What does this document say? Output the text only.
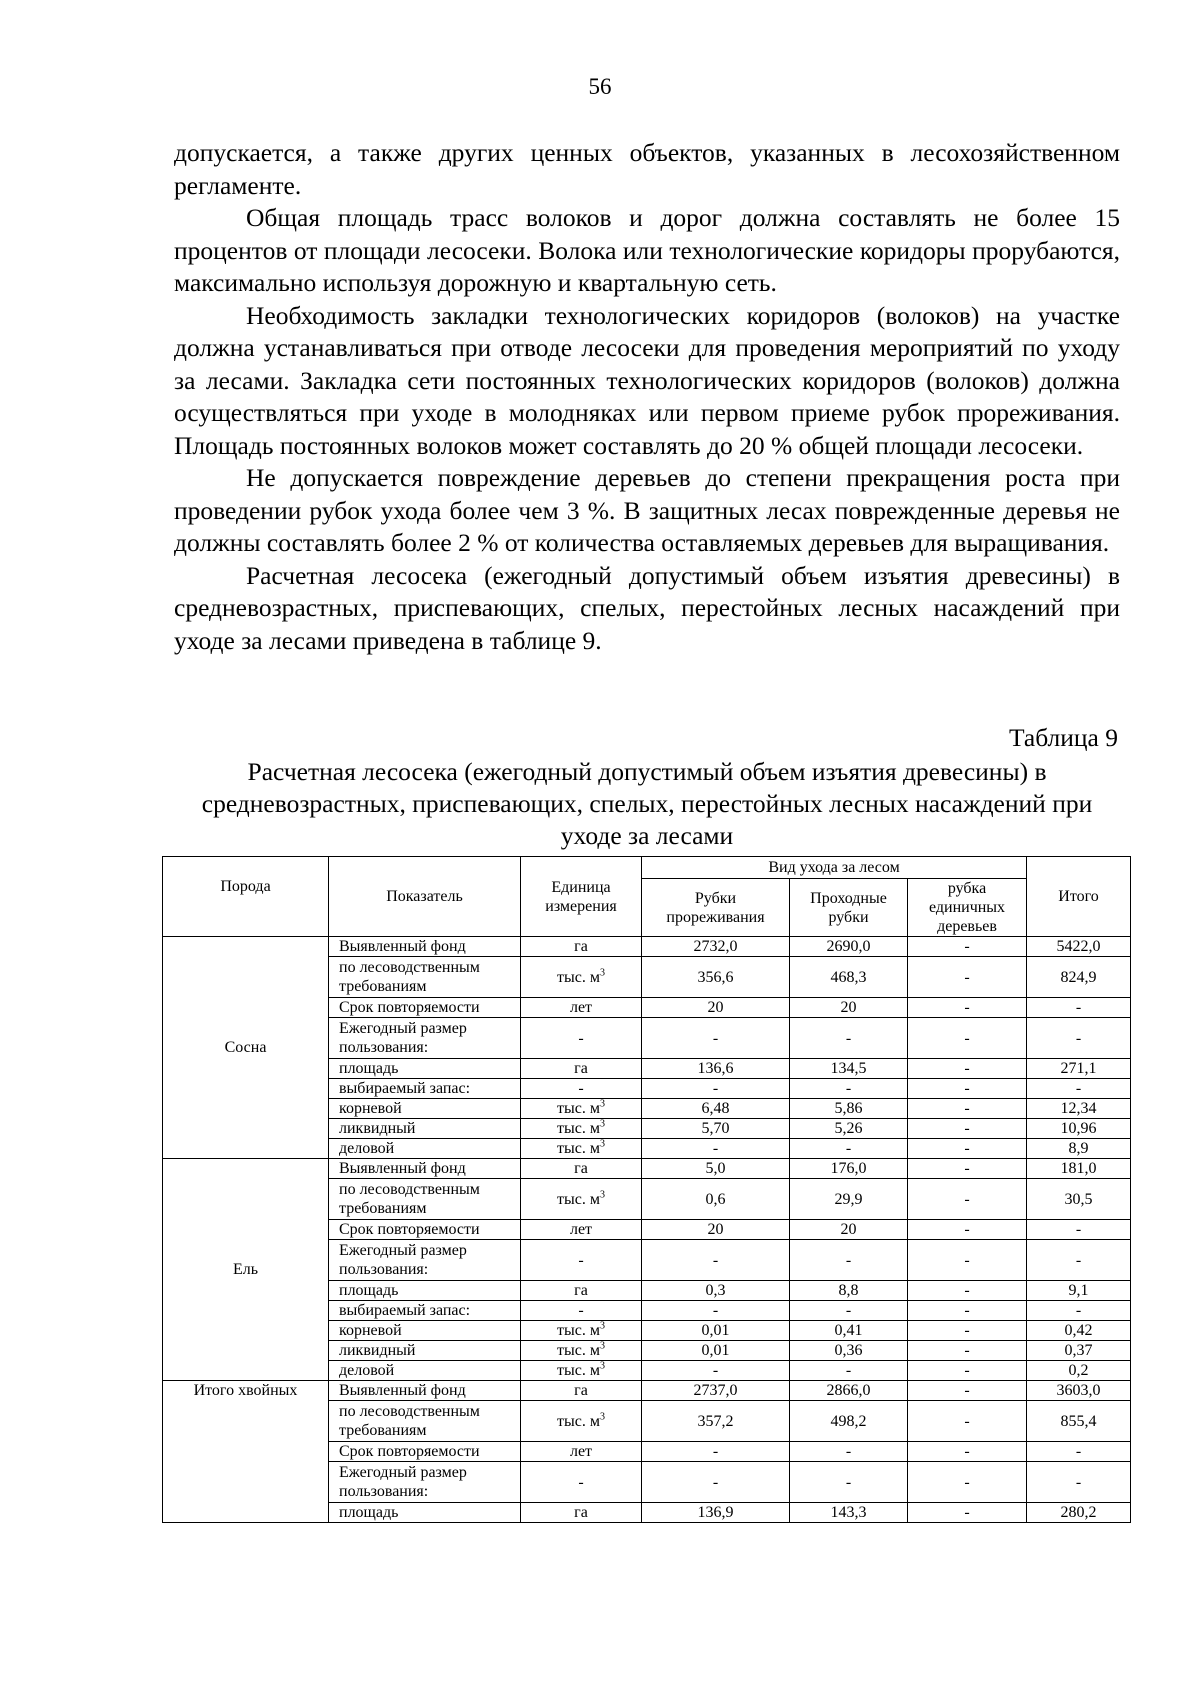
56

допускается, а также других ценных объектов, указанных в лесохозяйственном регламенте.

Общая площадь трасс волоков и дорог должна составлять не более 15 процентов от площади лесосеки. Волока или технологические коридоры прорубаются, максимально используя дорожную и квартальную сеть.

Необходимость закладки технологических коридоров (волоков) на участке должна устанавливаться при отводе лесосеки для проведения мероприятий по уходу за лесами. Закладка сети постоянных технологических коридоров (волоков) должна осуществляться при уходе в молодняках или первом приеме рубок прореживания. Площадь постоянных волоков может составлять до 20 % общей площади лесосеки.

Не допускается повреждение деревьев до степени прекращения роста при проведении рубок ухода более чем 3 %. В защитных лесах поврежденные деревья не должны составлять более 2 % от количества оставляемых деревьев для выращивания.

Расчетная лесосека (ежегодный допустимый объем изъятия древесины) в средневозрастных, приспевающих, спелых, перестойных лесных насаждений при уходе за лесами приведена в таблице 9.

Таблица 9
Расчетная лесосека (ежегодный допустимый объем изъятия древесины) в средневозрастных, приспевающих, спелых, перестойных лесных насаждений при уходе за лесами
Порода	Показатель	Единица измерения	Вид ухода за лесом			Итого
			Рубки прореживания	Проходные рубки	рубка единичных деревьев	
Сосна	Выявленный фонд	га	2732,0	2690,0	-	5422,0
	по лесоводственным требованиям	тыс. $м^3$	356,6	468,3	-	824,9
	Срок повторяемости	лет	20	20	-	-
	Ежегодный размер пользования:	-	-	-	-	-
	площадь	га	136,6	134,5	-	271,1
	выбираемый запас:	-	-	-	-	-
	корневой	тыс. $м^3$	6,48	5,86	-	12,34
	ликвидный	тыс. $м^3$	5,70	5,26	-	10,96
	деловой	тыс. $м^3$	-	-	-	8,9
Ель	Выявленный фонд	га	5,0	176,0	-	181,0
	по лесоводственным требованиям	тыс. $м^3$	0,6	29,9	-	30,5
	Срок повторяемости	лет	20	20	-	-
	Ежегодный размер пользования:	-	-	-	-	-
	площадь	га	0,3	8,8	-	9,1
	выбираемый запас:	-	-	-	-	-
	корневой	тыс. $м^3$	0,01	0,41	-	0,42
	ликвидный	тыс. $м^3$	0,01	0,36	-	0,37
	деловой	тыс. $м^3$	-	-	-	0,2
Итого хвойных	Выявленный фонд	га	2737,0	2866,0	-	3603,0
	по лесоводственным требованиям	тыс. $м^3$	357,2	498,2	-	855,4
	Срок повторяемости	лет	-	-	-	-
	Ежегодный размер пользования:	-	-	-	-	-
	площадь	га	136,9	143,3	-	280,2
